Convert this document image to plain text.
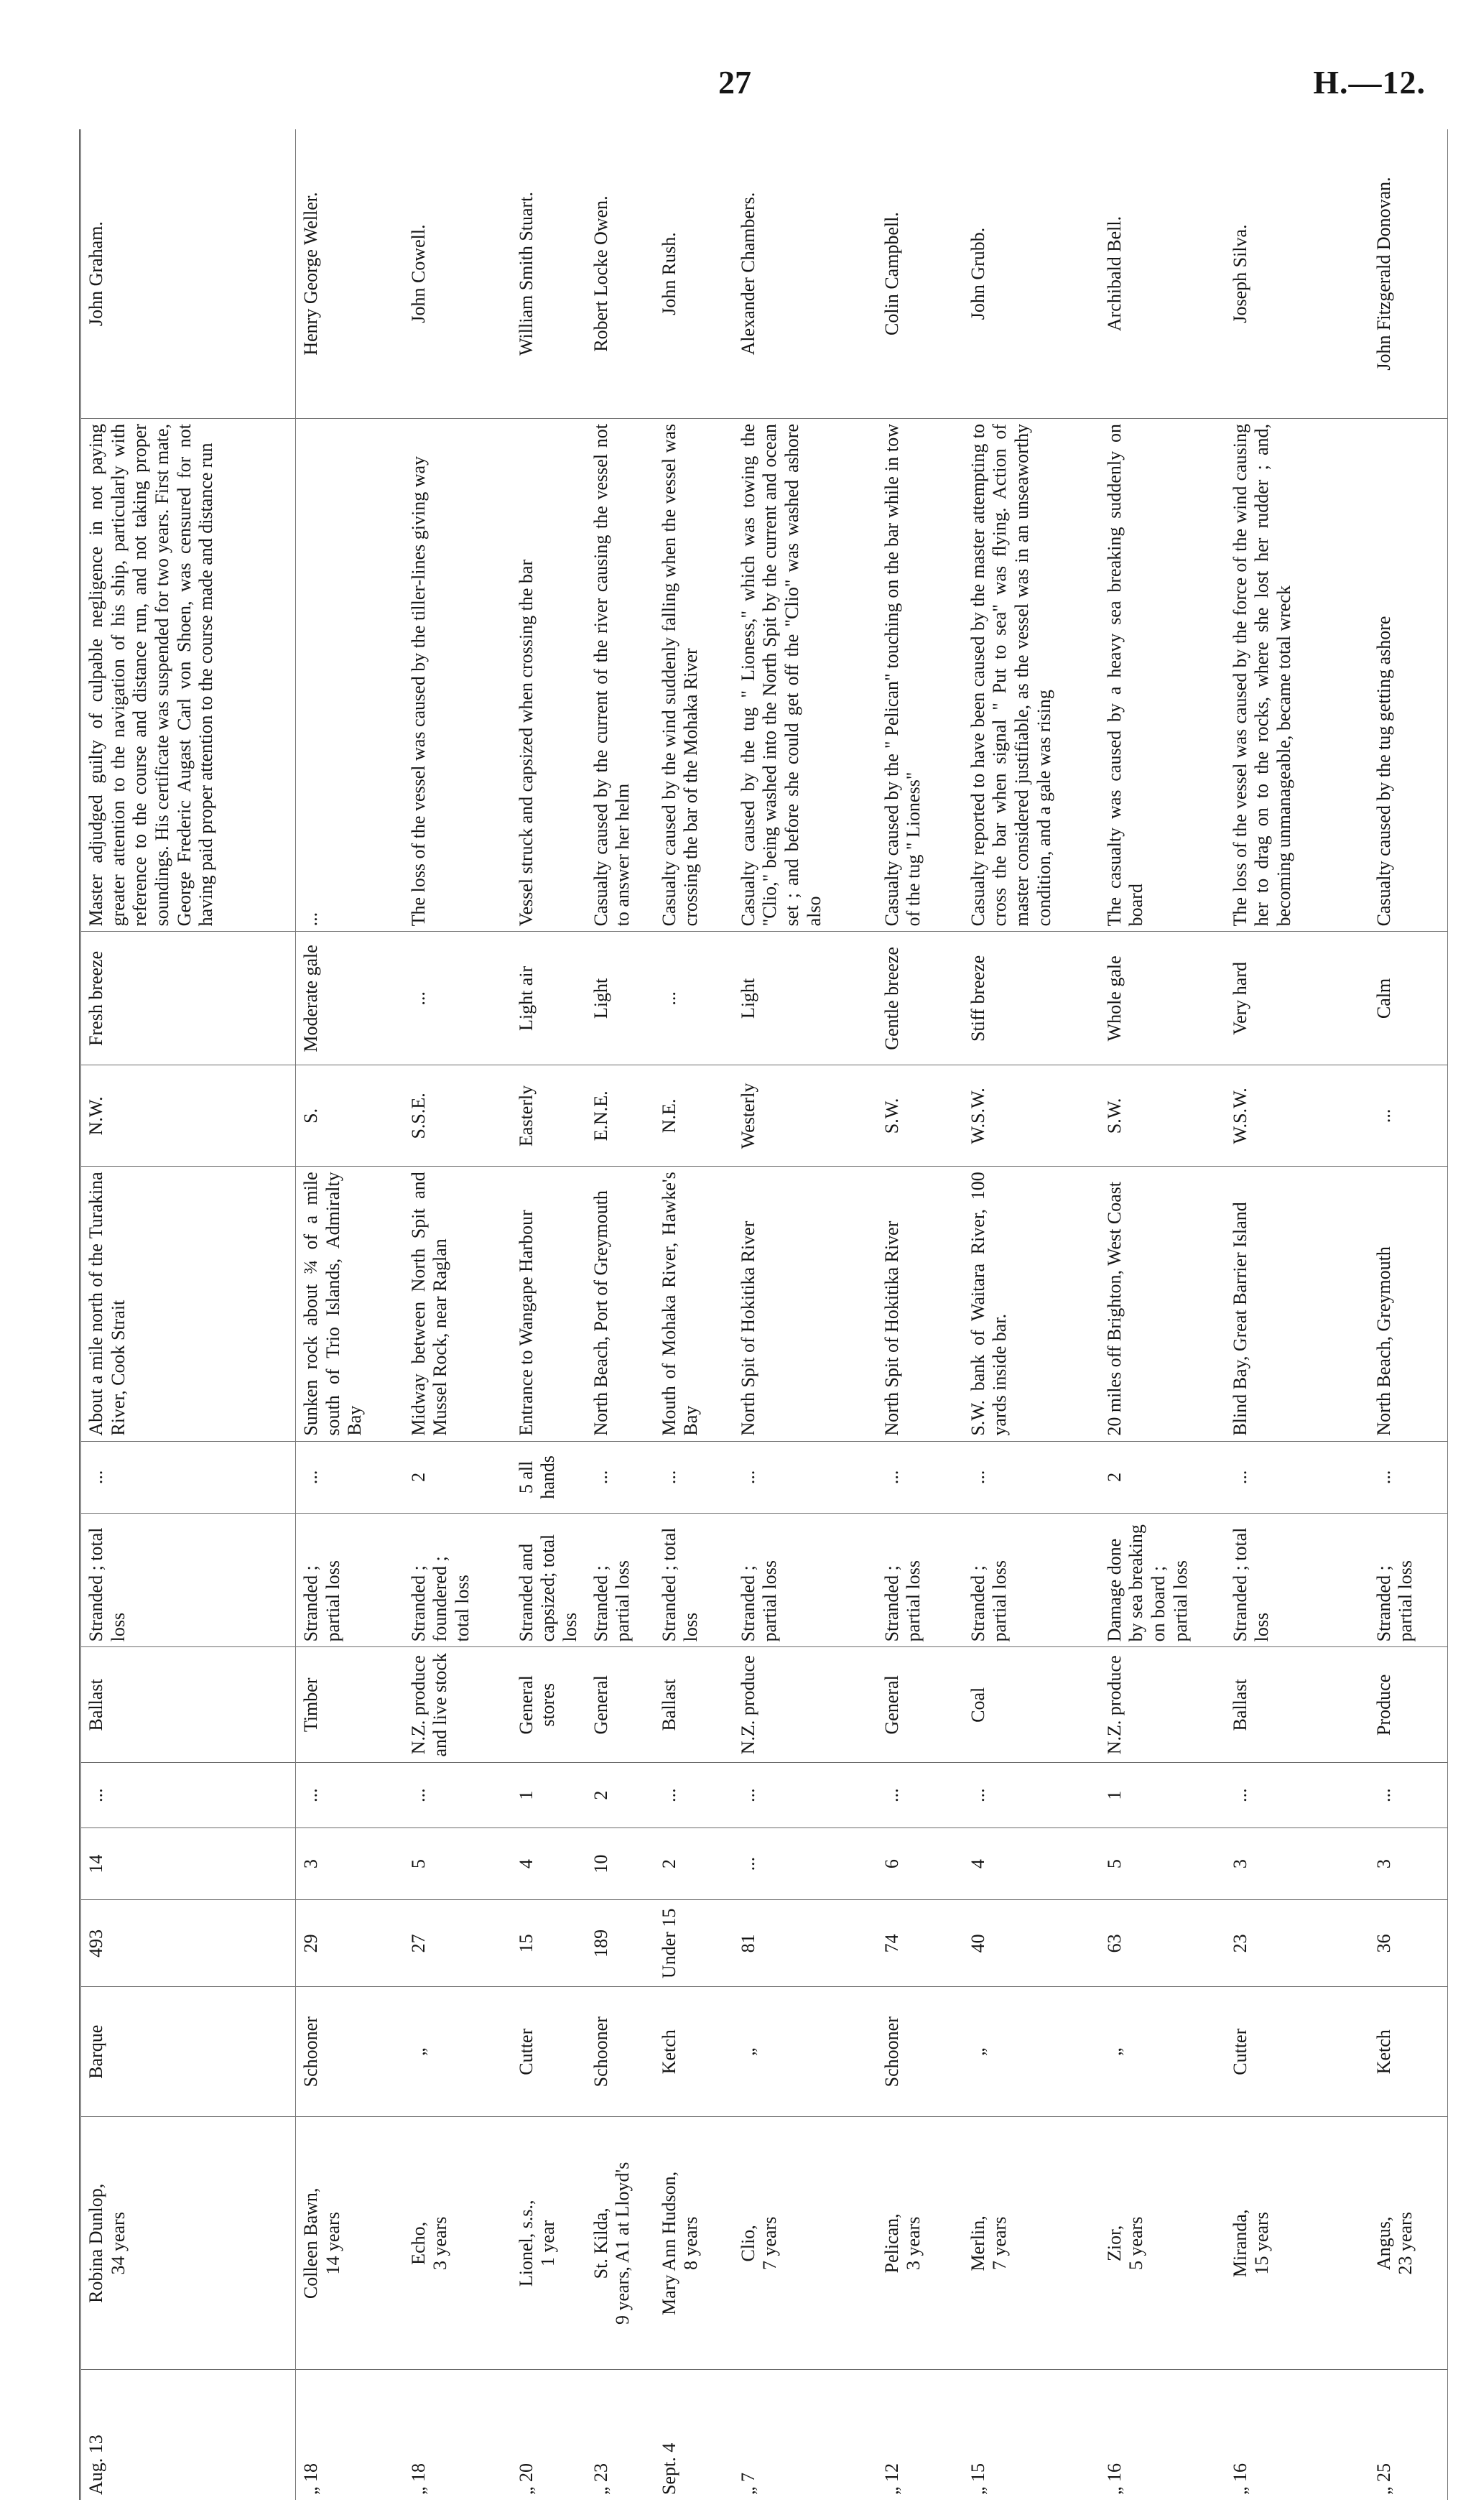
27	H.—12.
Aug. 13	Robina Dunlop, 34 years	Barque	493	14	...	Ballast	Stranded ; total loss	...	About a mile north of the Turakina River, Cook Strait	N.W.	Fresh breeze	Master adjudged guilty of culpable negligence in not paying greater attention to the navigation of his ship, particularly with reference to the course and distance run, and not taking proper soundings. His certificate was suspended for two years. First mate, George Frederic Augast Carl von Shoen, was censured for not having paid proper attention to the course made and distance run	John Graham.
„ 18	Colleen Bawn, 14 years	Schooner	29	3	...	Timber	Stranded ; partial loss	...	Sunken rock about ¾ of a mile south of Trio Islands, Admiralty Bay	S.	Moderate gale	...	Henry George Weller.
„ 18	Echo, 3 years	„	27	5	...	N.Z. produce and live stock	Stranded ; foundered ; total loss	2	Midway between North Spit and Mussel Rock, near Raglan	S.S.E.	...	The loss of the vessel was caused by the tiller-lines giving way	John Cowell.
„ 20	Lionel, s.s., 1 year	Cutter	15	4	1	General stores	Stranded and capsized; total loss	5 all hands	Entrance to Wangape Harbour	Easterly	Light air	Vessel struck and capsized when crossing the bar	William Smith Stuart.
„ 23	St. Kilda, 9 years, A1 at Lloyd's	Schooner	189	10	2	General	Stranded ; partial loss	...	North Beach, Port of Greymouth	E.N.E.	Light	Casualty caused by the current of the river causing the vessel not to answer her helm	Robert Locke Owen.
Sept. 4	Mary Ann Hudson, 8 years	Ketch	Under 15	2	...	Ballast	Stranded ; total loss	...	Mouth of Mohaka River, Hawke's Bay	N.E.	...	Casualty caused by the wind suddenly falling when the vessel was crossing the bar of the Mohaka River	John Rush.
„ 7	Clio, 7 years	„	81	...	...	N.Z. produce	Stranded ; partial loss	...	North Spit of Hokitika River	Westerly	Light	Casualty caused by the tug " Lioness," which was towing the "Clio," being washed into the North Spit by the current and ocean set ; and before she could get off the "Clio" was washed ashore also	Alexander Chambers.
„ 12	Pelican, 3 years	Schooner	74	6	...	General	Stranded ; partial loss	...	North Spit of Hokitika River	S.W.	Gentle breeze	Casualty caused by the " Pelican" touching on the bar while in tow of the tug " Lioness"	Colin Campbell.
„ 15	Merlin, 7 years	„	40	4	...	Coal	Stranded ; partial loss	...	S.W. bank of Waitara River, 100 yards inside bar.	W.S.W.	Stiff breeze	Casualty reported to have been caused by the master attempting to cross the bar when signal " Put to sea" was flying. Action of master considered justifiable, as the vessel was in an unseaworthy condition, and a gale was rising	John Grubb.
„ 16	Zior, 5 years	„	63	5	1	N.Z. produce	Damage done by sea breaking on board ; partial loss	2	20 miles off Brighton, West Coast	S.W.	Whole gale	The casualty was caused by a heavy sea breaking suddenly on board	Archibald Bell.
„ 16	Miranda, 15 years	Cutter	23	3	...	Ballast	Stranded ; total loss	...	Blind Bay, Great Barrier Island	W.S.W.	Very hard	The loss of the vessel was caused by the force of the wind causing her to drag on to the rocks, where she lost her rudder ; and, becoming unmanageable, became total wreck	Joseph Silva.
„ 25	Angus, 23 years	Ketch	36	3	...	Produce	Stranded ; partial loss	...	North Beach, Greymouth	...	Calm	Casualty caused by the tug getting ashore	John Fitzgerald Donovan.
